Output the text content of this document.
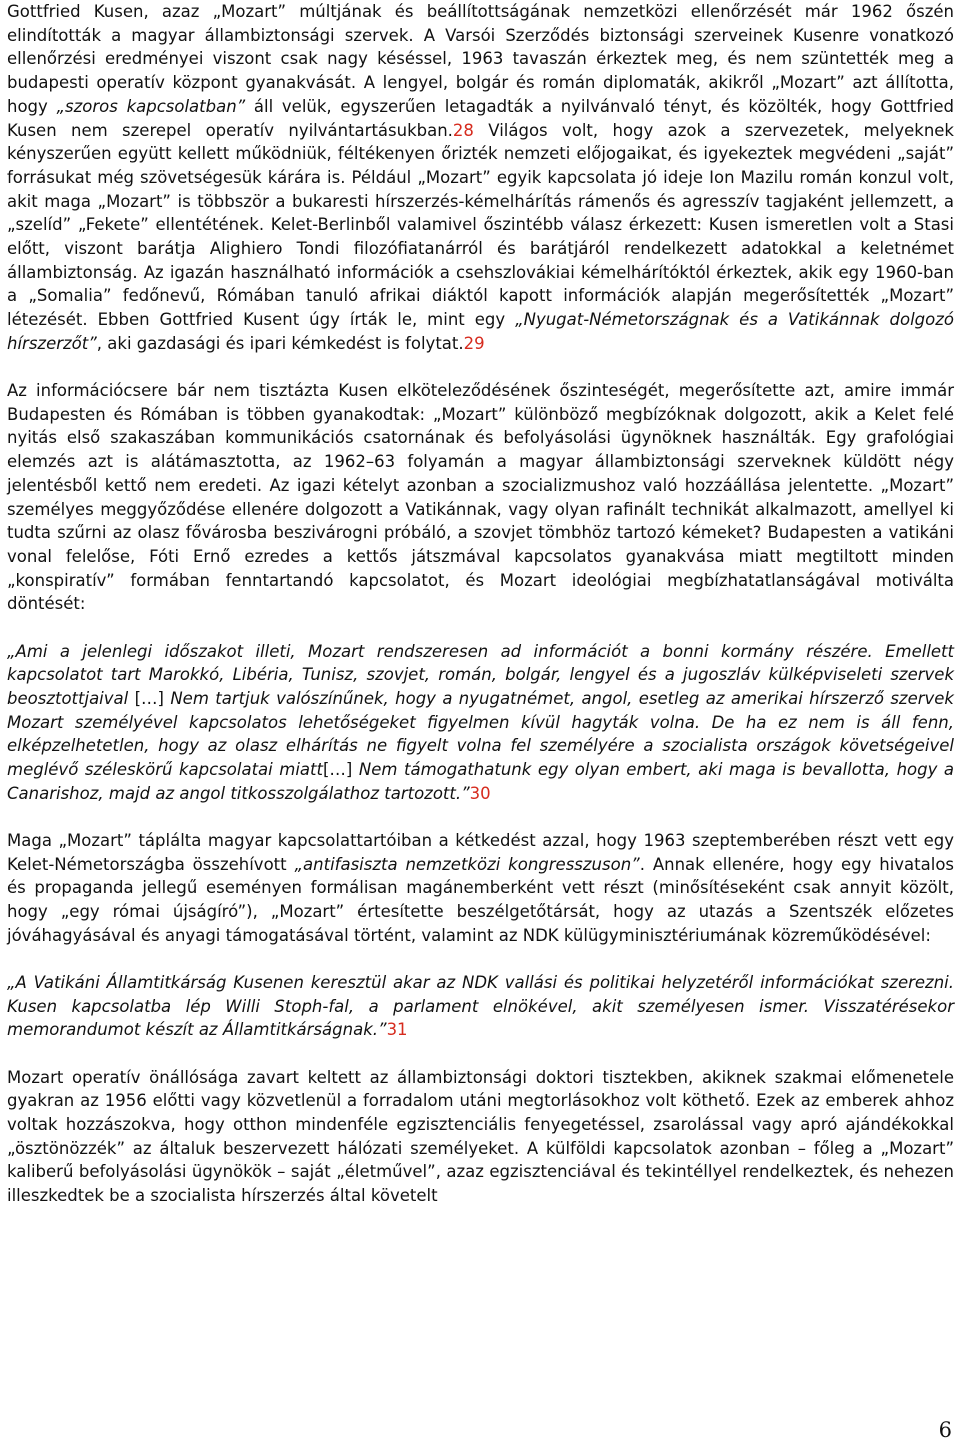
Gottfried Kusen, azaz „Mozart” múltjának és beállítottságának nemzetközi ellenőrzését már 1962 őszén elindították a magyar állambiztonsági szervek. A Varsói Szerződés biztonsági szerveinek Kusenre vonatkozó ellenőrzési eredményei viszont csak nagy késéssel, 1963 tavaszán érkeztek meg, és nem szüntették meg a budapesti operatív központ gyanakvását. A lengyel, bolgár és román diplomaták, akikről „Mozart” azt állította, hogy „szoros kapcsolatban” áll velük, egyszerűen letagadták a nyilvánvaló tényt, és közölték, hogy Gottfried Kusen nem szerepel operatív nyilvántartásukban.28 Világos volt, hogy azok a szervezetek, melyeknek kényszerűen együtt kellett működniük, féltékenyen őrizték nemzeti előjogaikat, és igyekeztek megvédeni „saját” forrásukat még szövetségesük kárára is. Például „Mozart” egyik kapcsolata jó ideje Ion Mazilu román konzul volt, akit maga „Mozart” is többször a bukaresti hírszerzés-kémelhárítás rámenős és agresszív tagjaként jellemzett, a „szelíd” „Fekete” ellentétének. Kelet-Berlinből valamivel őszintébb válasz érkezett: Kusen ismeretlen volt a Stasi előtt, viszont barátja Alighiero Tondi filozófiatanárról és barátjáról rendelkezett adatokkal a keletnémet állambiztonság. Az igazán használható információk a csehszlovákiai kémelhárítóktól érkeztek, akik egy 1960-ban a „Somalia” fedőnevű, Rómában tanuló afrikai diáktól kapott információk alapján megerősítették „Mozart” létezését. Ebben Gottfried Kusent úgy írták le, mint egy „Nyugat-Németországnak és a Vatikánnak dolgozó hírszerzőt”, aki gazdasági és ipari kémkedést is folytat.29

Az információcsere bár nem tisztázta Kusen elköteleződésének őszinteségét, megerősítette azt, amire immár Budapesten és Rómában is többen gyanakodtak: „Mozart” különböző megbízóknak dolgozott, akik a Kelet felé nyitás első szakaszában kommunikációs csatornának és befolyásolási ügynöknek használták. Egy grafológiai elemzés azt is alátámasztotta, az 1962–63 folyamán a magyar állambiztonsági szerveknek küldött négy jelentésből kettő nem eredeti. Az igazi kételyt azonban a szocializmushoz való hozzáállása jelentette. „Mozart” személyes meggyőződése ellenére dolgozott a Vatikánnak, vagy olyan rafinált technikát alkalmazott, amellyel ki tudta szűrni az olasz fővárosba beszivárogni próbáló, a szovjet tömbhöz tartozó kémeket? Budapesten a vatikáni vonal felelőse, Fóti Ernő ezredes a kettős játszmával kapcsolatos gyanakvása miatt megtiltott minden „konspiratív” formában fenntartandó kapcsolatot, és Mozart ideológiai megbízhatatlanságával motiválta döntését:

„Ami a jelenlegi időszakot illeti, Mozart rendszeresen ad információt a bonni kormány részére. Emellett kapcsolatot tart Marokkó, Libéria, Tunisz, szovjet, román, bolgár, lengyel és a jugoszláv külképviseleti szervek beosztottjaival […] Nem tartjuk valószínűnek, hogy a nyugatnémet, angol, esetleg az amerikai hírszerző szervek Mozart személyével kapcsolatos lehetőségeket figyelmen kívül hagyták volna. De ha ez nem is áll fenn, elképzelhetetlen, hogy az olasz elhárítás ne figyelt volna fel személyére a szocialista országok követségeivel meglévő széleskörű kapcsolatai miatt[…] Nem támogathatunk egy olyan embert, aki maga is bevallotta, hogy a Canarishoz, majd az angol titkosszolgálathoz tartozott.”30

Maga „Mozart” táplálta magyar kapcsolattartóiban a kétkedést azzal, hogy 1963 szeptemberében részt vett egy Kelet-Németországba összehívott „antifasiszta nemzetközi kongresszuson”. Annak ellenére, hogy egy hivatalos és propaganda jellegű eseményen formálisan magánemberként vett részt (minősítéseként csak annyit közölt, hogy „egy római újságíró”), „Mozart” értesítette beszélgetőtársát, hogy az utazás a Szentszék előzetes jóváhagyásával és anyagi támogatásával történt, valamint az NDK külügyminisztériumának közreműködésével:

„A Vatikáni Államtitkárság Kusenen keresztül akar az NDK vallási és politikai helyzetéről információkat szerezni. Kusen kapcsolatba lép Willi Stoph-fal, a parlament elnökével, akit személyesen ismer. Visszatérésekor memorandumot készít az Államtitkárságnak.”31

Mozart operatív önállósága zavart keltett az állambiztonsági doktori tisztekben, akiknek szakmai előmenetele gyakran az 1956 előtti vagy közvetlenül a forradalom utáni megtorlásokhoz volt köthető. Ezek az emberek ahhoz voltak hozzászokva, hogy otthon mindenféle egzisztenciális fenyegetéssel, zsarolással vagy apró ajándékokkal „ösztönözzék” az általuk beszervezett hálózati személyeket. A külföldi kapcsolatok azonban – főleg a „Mozart” kaliberű befolyásolási ügynökök – saját „életművel”, azaz egzisztenciával és tekintéllyel rendelkeztek, és nehezen illeszkedtek be a szocialista hírszerzés által követelt

6
